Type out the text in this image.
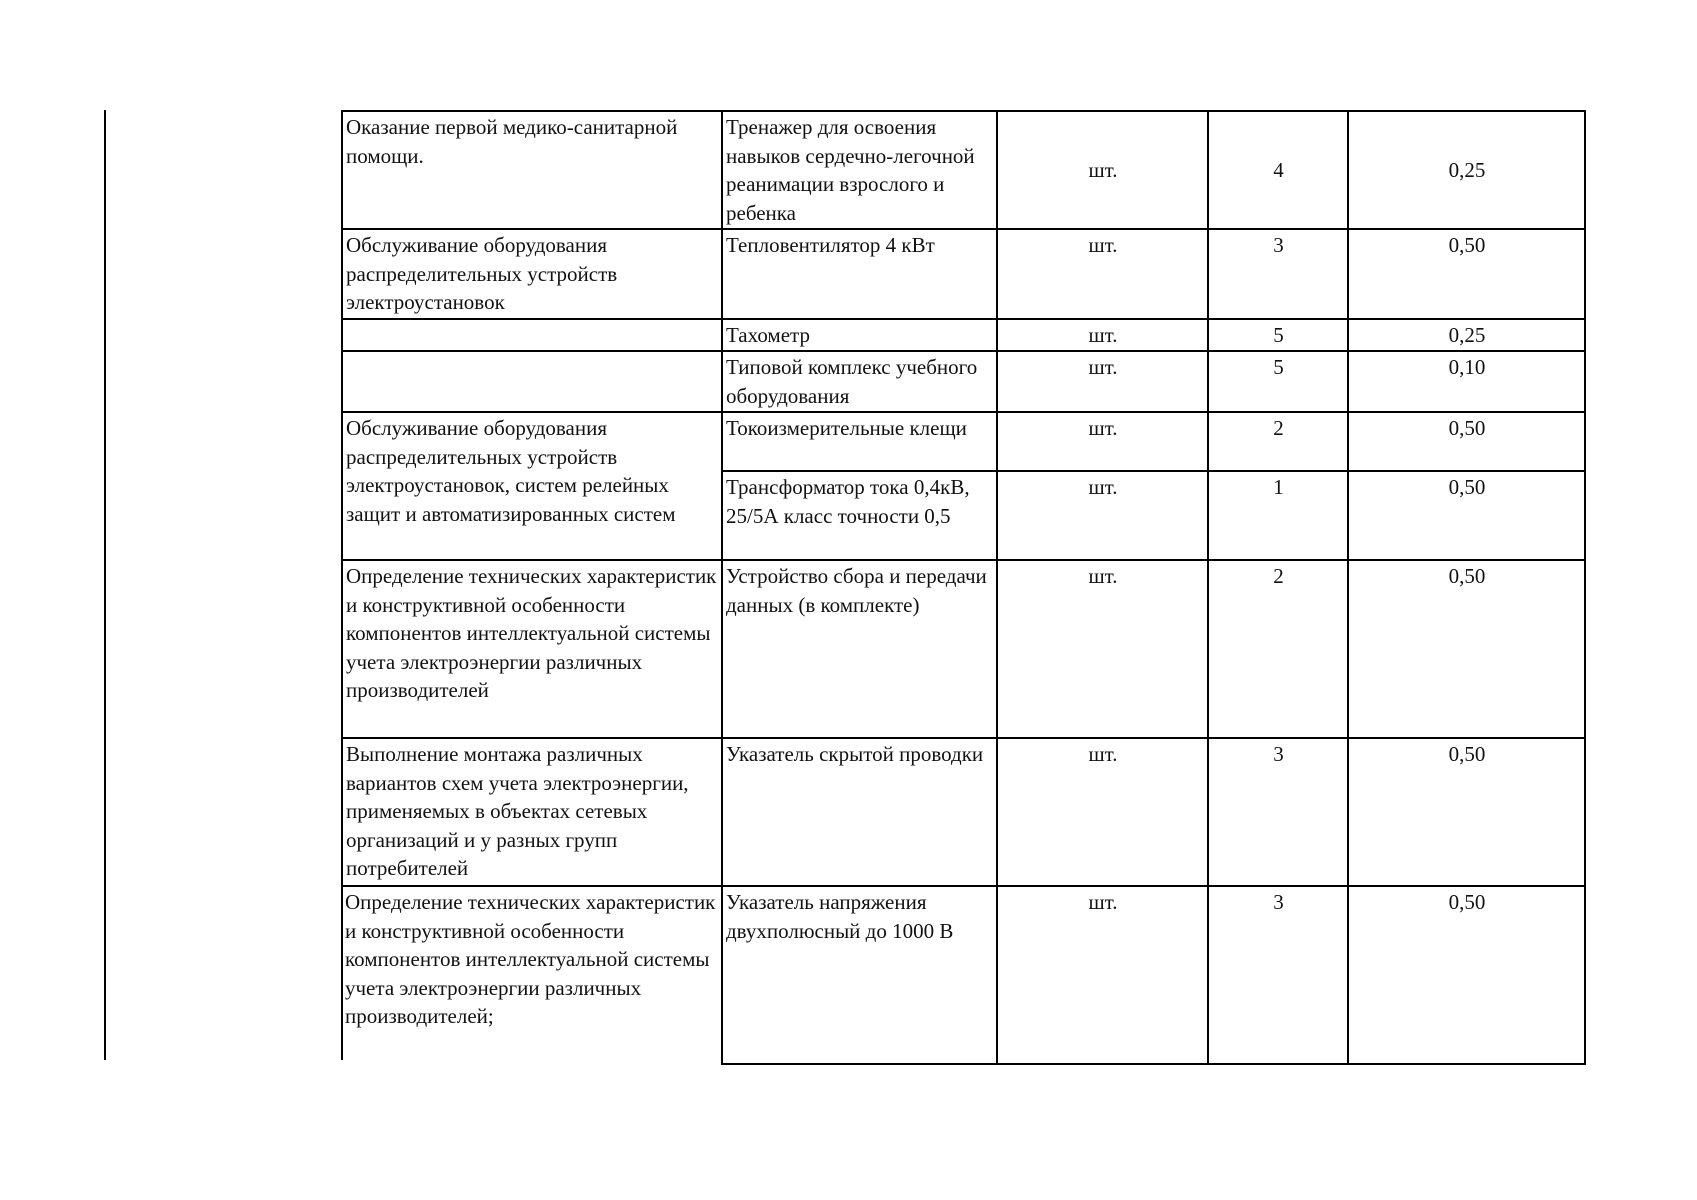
Оказание первой медико-санитарной помощи.	Тренажер для освоения навыков сердечно-легочной реанимации взрослого и ребенка	шт.	4	0,25
Обслуживание оборудования распределительных устройств электроустановок	Тепловентилятор 4 кВт	шт.	3	0,50
	Тахометр	шт.	5	0,25
	Типовой комплекс учебного оборудования	шт.	5	0,10
Обслуживание оборудования распределительных устройств электроустановок, систем релейных защит и автоматизированных систем	Токоизмерительные клещи	шт.	2	0,50
	Трансформатор тока 0,4кВ, 25/5А класс точности 0,5	шт.	1	0,50
Определение технических характеристик и конструктивной особенности компонентов интеллектуальной системы учета электроэнергии различных производителей	Устройство сбора и передачи данных (в комплекте)	шт.	2	0,50
Выполнение монтажа различных вариантов схем учета электроэнергии, применяемых в объектах сетевых организаций и у разных групп потребителей	Указатель скрытой проводки	шт.	3	0,50
Определение технических характеристик и конструктивной особенности компонентов интеллектуальной системы учета электроэнергии различных производителей;	Указатель напряжения двухполюсный до 1000 В	шт.	3	0,50
